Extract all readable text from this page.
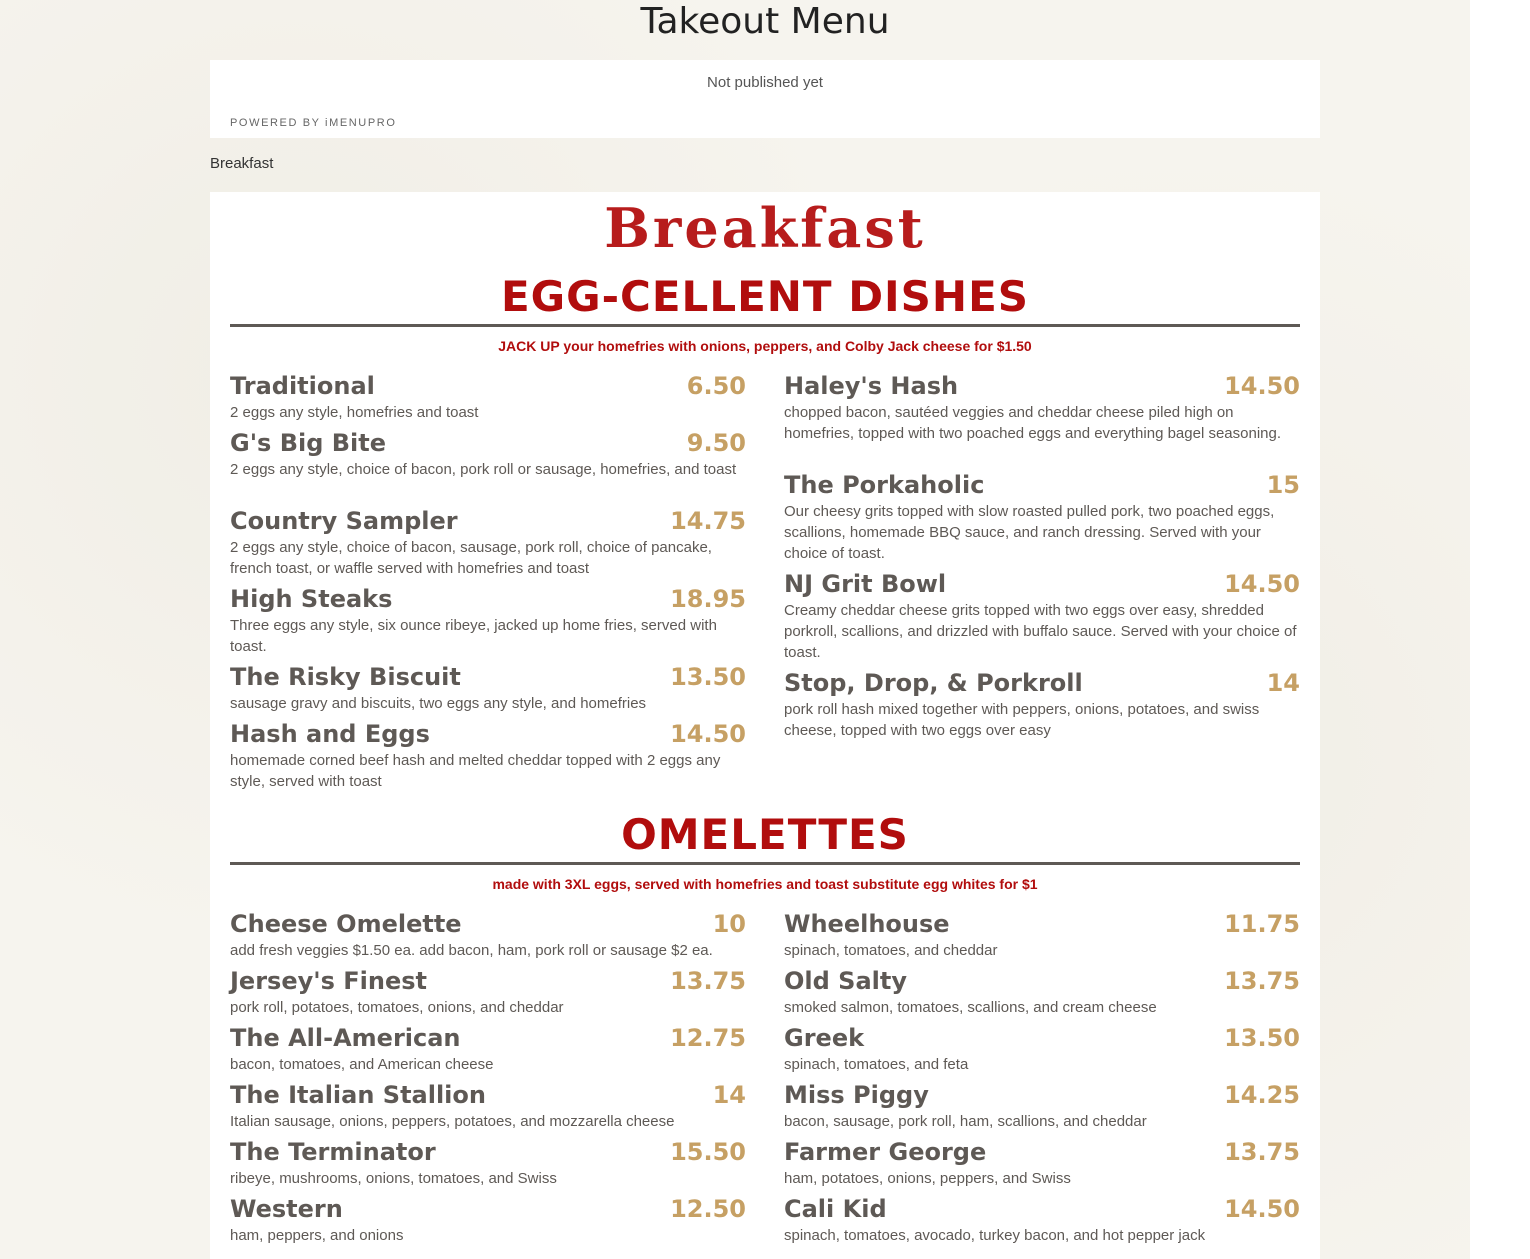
Takeout Menu
Not published yet
POWERED BY iMENUPRO
Breakfast
Breakfast
EGG-CELLENT DISHES
JACK UP your homefries with onions, peppers, and Colby Jack cheese for $1.50
Traditional	6.50
2 eggs any style, homefries and toast
G's Big Bite	9.50
2 eggs any style, choice of bacon, pork roll or sausage, homefries, and toast
Country Sampler	14.75
2 eggs any style, choice of bacon, sausage, pork roll, choice of pancake, french toast, or waffle served with homefries and toast
High Steaks	18.95
Three eggs any style, six ounce ribeye, jacked up home fries, served with toast.
The Risky Biscuit	13.50
sausage gravy and biscuits, two eggs any style, and homefries
Hash and Eggs	14.50
homemade corned beef hash and melted cheddar topped with 2 eggs any style, served with toast
Haley's Hash	14.50
chopped bacon, sautéed veggies and cheddar cheese piled high on homefries, topped with two poached eggs and everything bagel seasoning.
The Porkaholic	15
Our cheesy grits topped with slow roasted pulled pork, two poached eggs, scallions, homemade BBQ sauce, and ranch dressing. Served with your choice of toast.
NJ Grit Bowl	14.50
Creamy cheddar cheese grits topped with two eggs over easy, shredded porkroll, scallions, and drizzled with buffalo sauce. Served with your choice of toast.
Stop, Drop, & Porkroll	14
pork roll hash mixed together with peppers, onions, potatoes, and swiss cheese, topped with two eggs over easy
OMELETTES
made with 3XL eggs, served with homefries and toast substitute egg whites for $1
Cheese Omelette	10
add fresh veggies $1.50 ea. add bacon, ham, pork roll or sausage $2 ea.
Jersey's Finest	13.75
pork roll, potatoes, tomatoes, onions, and cheddar
The All-American	12.75
bacon, tomatoes, and American cheese
The Italian Stallion	14
Italian sausage, onions, peppers, potatoes, and mozzarella cheese
The Terminator	15.50
ribeye, mushrooms, onions, tomatoes, and Swiss
Western	12.50
ham, peppers, and onions
Wheelhouse	11.75
spinach, tomatoes, and cheddar
Old Salty	13.75
smoked salmon, tomatoes, scallions, and cream cheese
Greek	13.50
spinach, tomatoes, and feta
Miss Piggy	14.25
bacon, sausage, pork roll, ham, scallions, and cheddar
Farmer George	13.75
ham, potatoes, onions, peppers, and Swiss
Cali Kid	14.50
spinach, tomatoes, avocado, turkey bacon, and hot pepper jack
